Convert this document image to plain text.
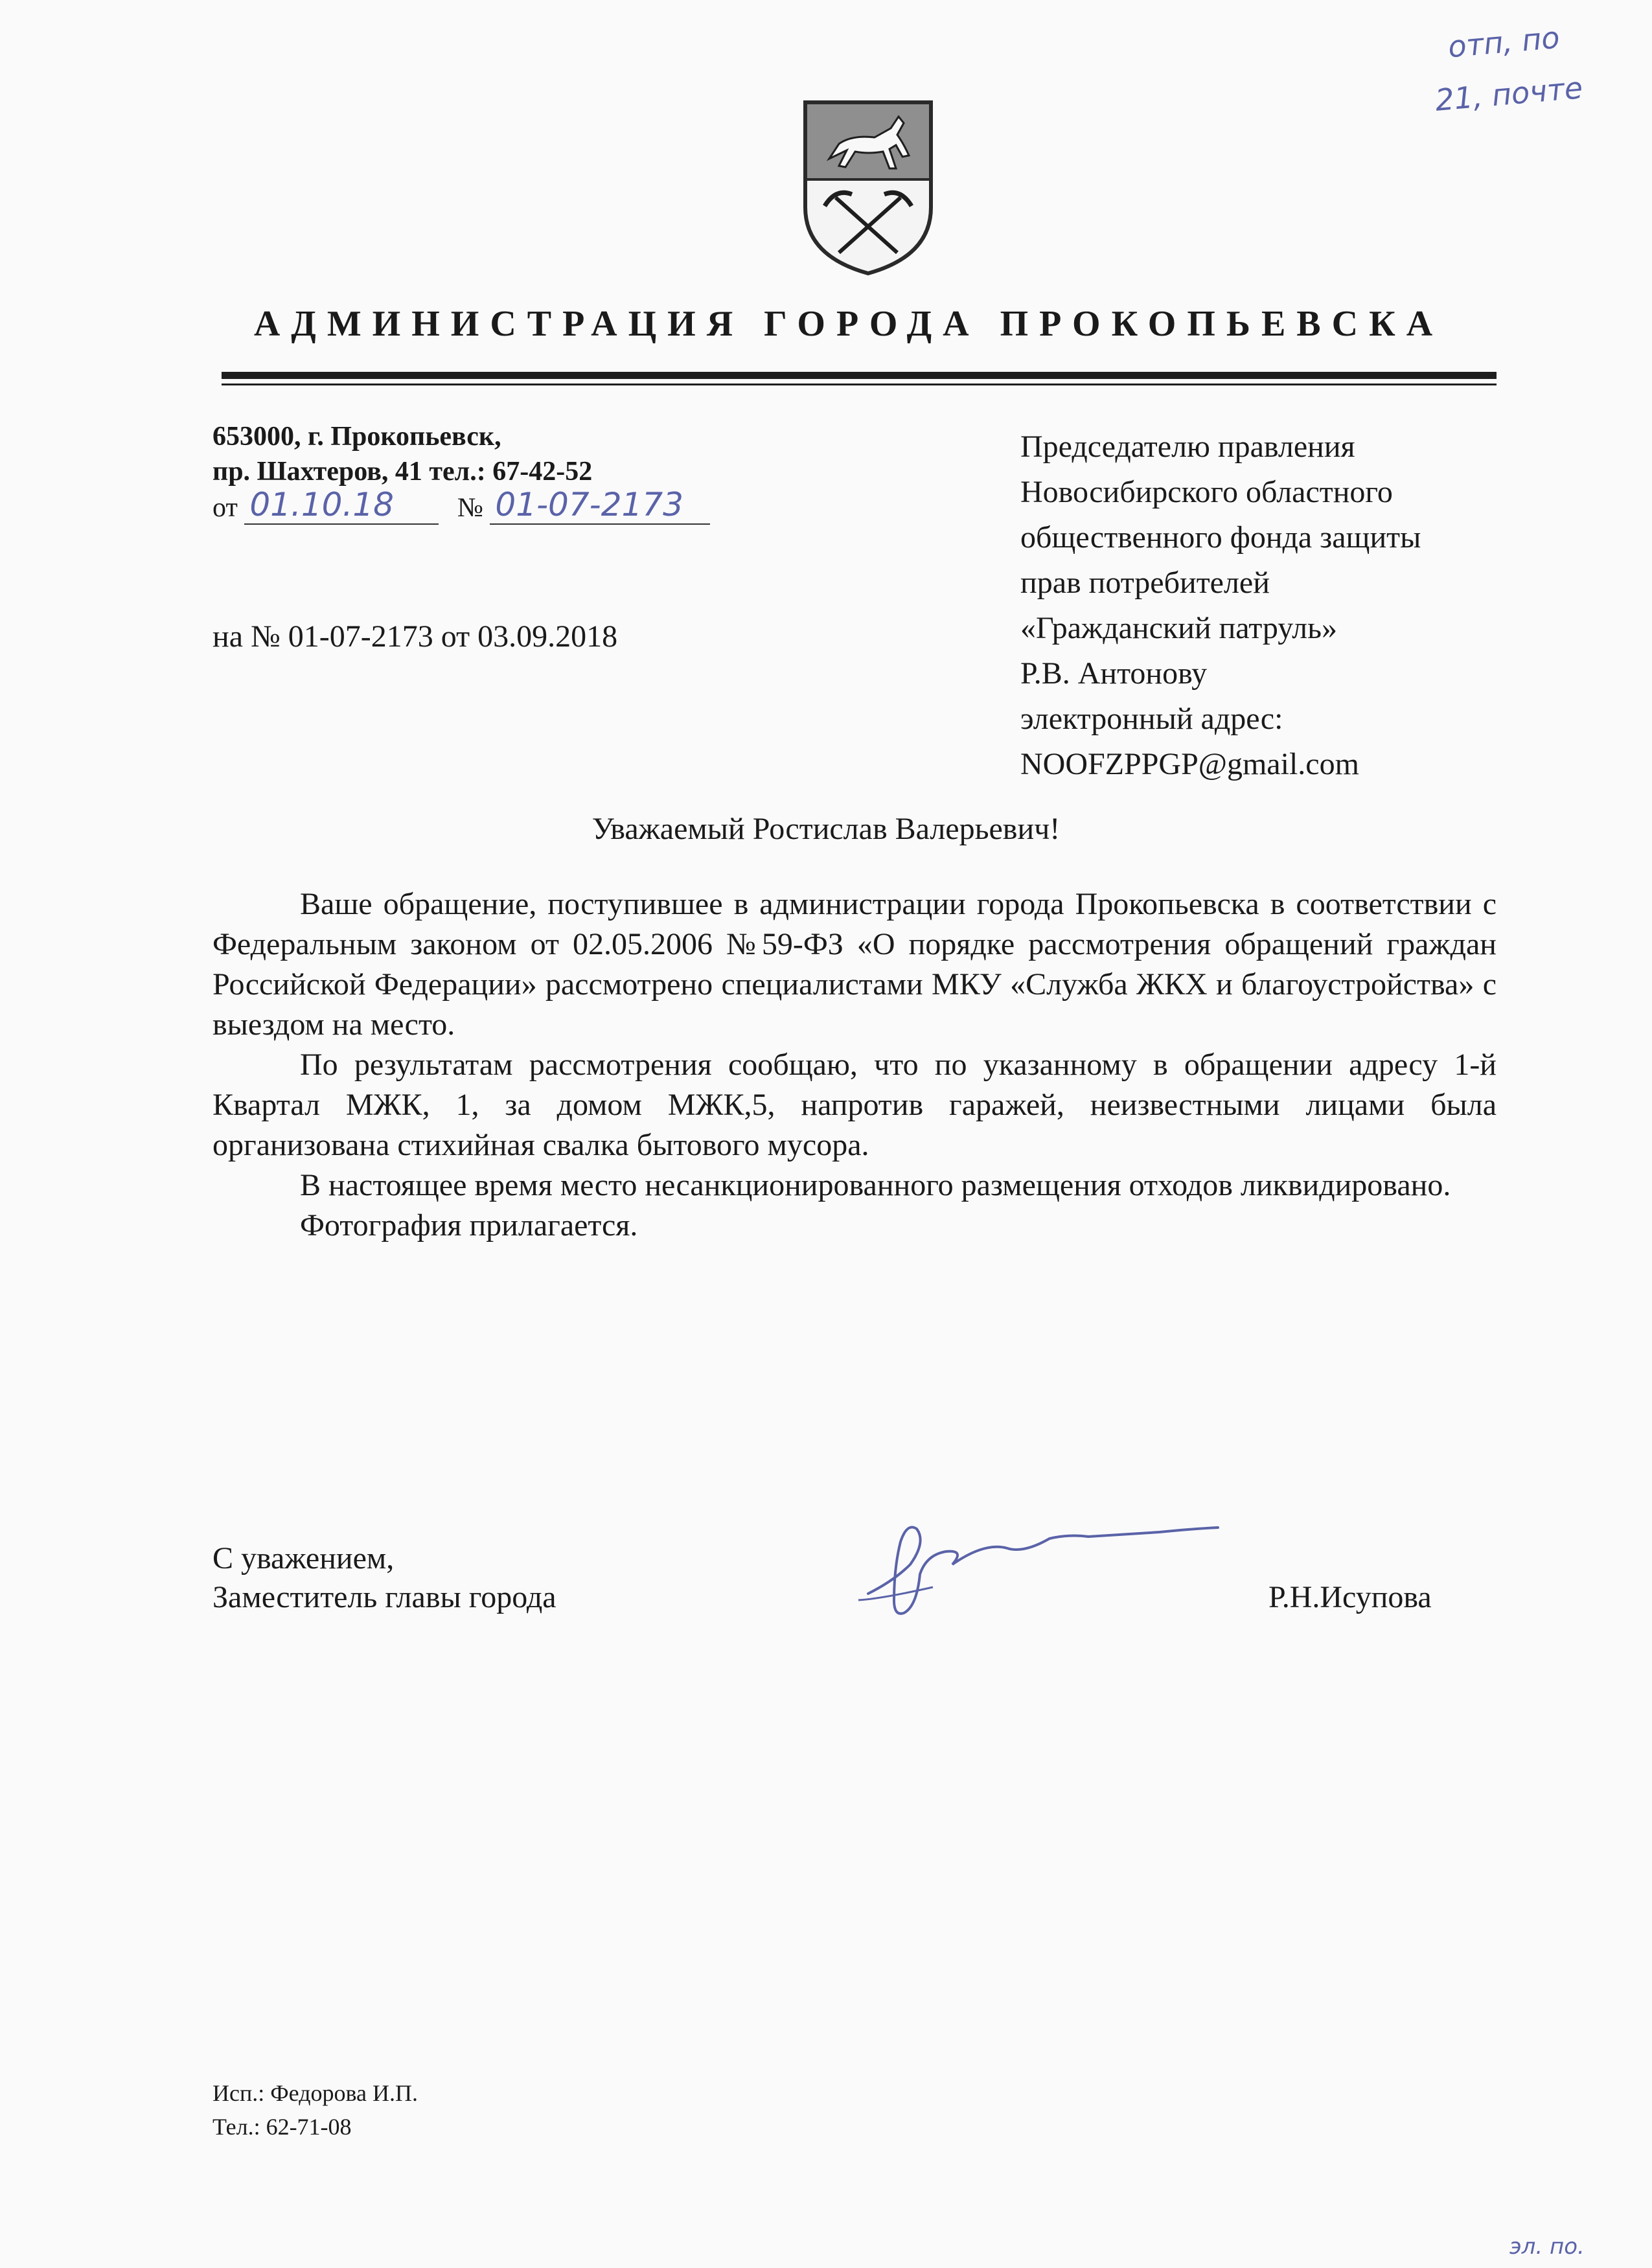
АДМИНИСТРАЦИЯ ГОРОДА ПРОКОПЬЕВСКА
653000, г. Прокопьевск,
пр. Шахтеров, 41 тел.: 67-42-52
от 01.10.18 № 01-07-2173

на № 01-07-2173 от 03.09.2018
Председателю правления
Новосибирского областного
общественного фонда защиты
прав потребителей
«Гражданский патруль»
Р.В. Антонову
электронный адрес:
NOOFZPPGP@gmail.com
Уважаемый Ростислав Валерьевич!

Ваше обращение, поступившее в администрации города Прокопьевска в соответствии с Федеральным законом от 02.05.2006 №59-ФЗ «О порядке рассмотрения обращений граждан Российской Федерации» рассмотрено специалистами МКУ «Служба ЖКХ и благоустройства» с выездом на место.

По результатам рассмотрения сообщаю, что по указанному в обращении адресу 1-й Квартал МЖК, 1, за домом МЖК,5, напротив гаражей, неизвестными лицами была организована стихийная свалка бытового мусора.

В настоящее время место несанкционированного размещения отходов ликвидировано.

Фотография прилагается.

С уважением,
Заместитель главы города	Р.Н.Исупова
Исп.: Федорова И.П.
Тел.: 62-71-08
отп, по
21, почте
эл. по.
